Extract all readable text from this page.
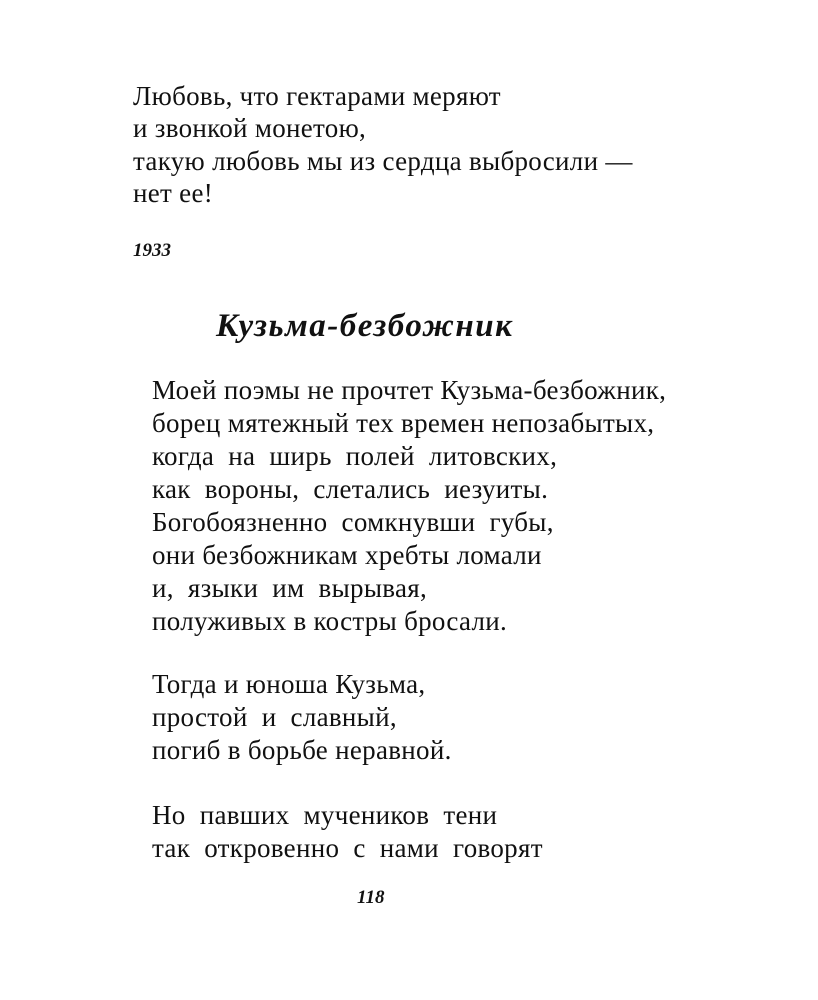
Любовь, что гектарами меряют
и звонкой монетою,
такую любовь мы из сердца выбросили —
нет ее!
1933
Кузьма-безбожник
Моей поэмы не прочтет Кузьма-безбожник,
борец мятежный тех времен непозабытых,
когда  на  ширь  полей  литовских,
как  вороны,  слетались  иезуиты.
Богобоязненно  сомкнувши  губы,
они безбожникам хребты ломали
и,  языки  им  вырывая,
полуживых в костры бросали.
Тогда и юноша Кузьма,
простой  и  славный,
погиб в борьбе неравной.
Но  павших  мучеников  тени
так  откровенно  с  нами  говорят
118
